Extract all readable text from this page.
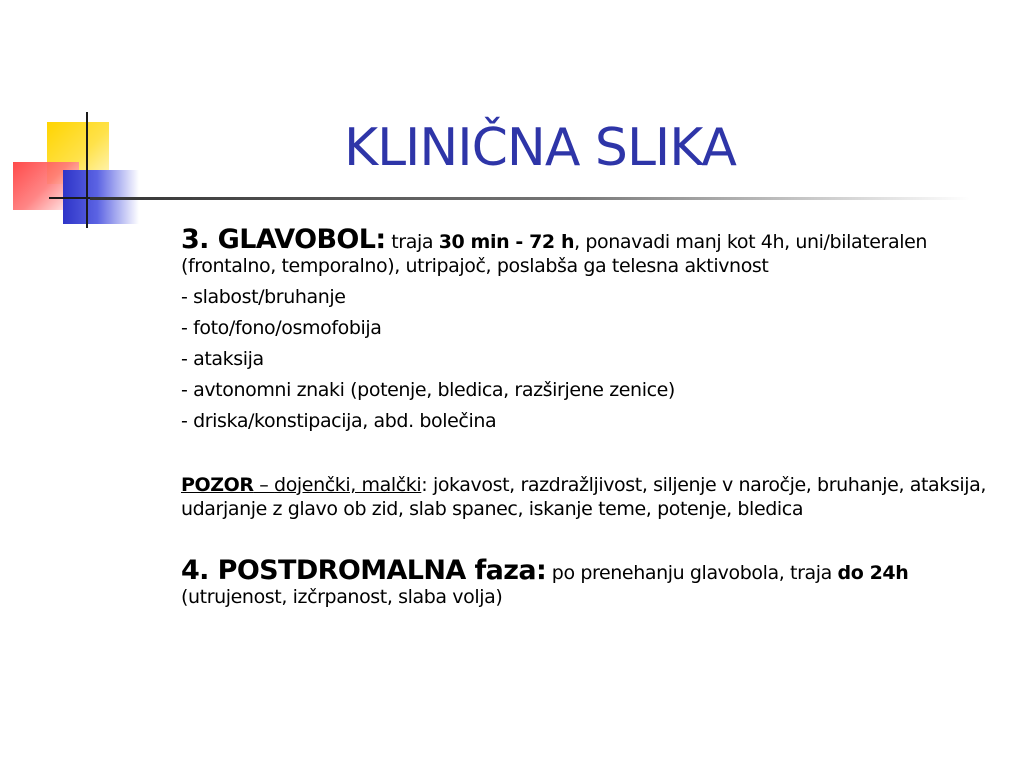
KLINIČNA SLIKA

3. GLAVOBOL: traja 30 min - 72 h, ponavadi manj kot 4h, uni/bilateralen (frontalno, temporalno), utripajoč, poslabša ga telesna aktivnost

- slabost/bruhanje

- foto/fono/osmofobija

- ataksija

- avtonomni znaki (potenje, bledica, razširjene zenice)

- driska/konstipacija, abd. bolečina

POZOR – dojenčki, malčki: jokavost, razdražljivost, siljenje v naročje, bruhanje, ataksija, udarjanje z glavo ob zid, slab spanec, iskanje teme, potenje, bledica

4. POSTDROMALNA faza: po prenehanju glavobola, traja do 24h (utrujenost, izčrpanost, slaba volja)
